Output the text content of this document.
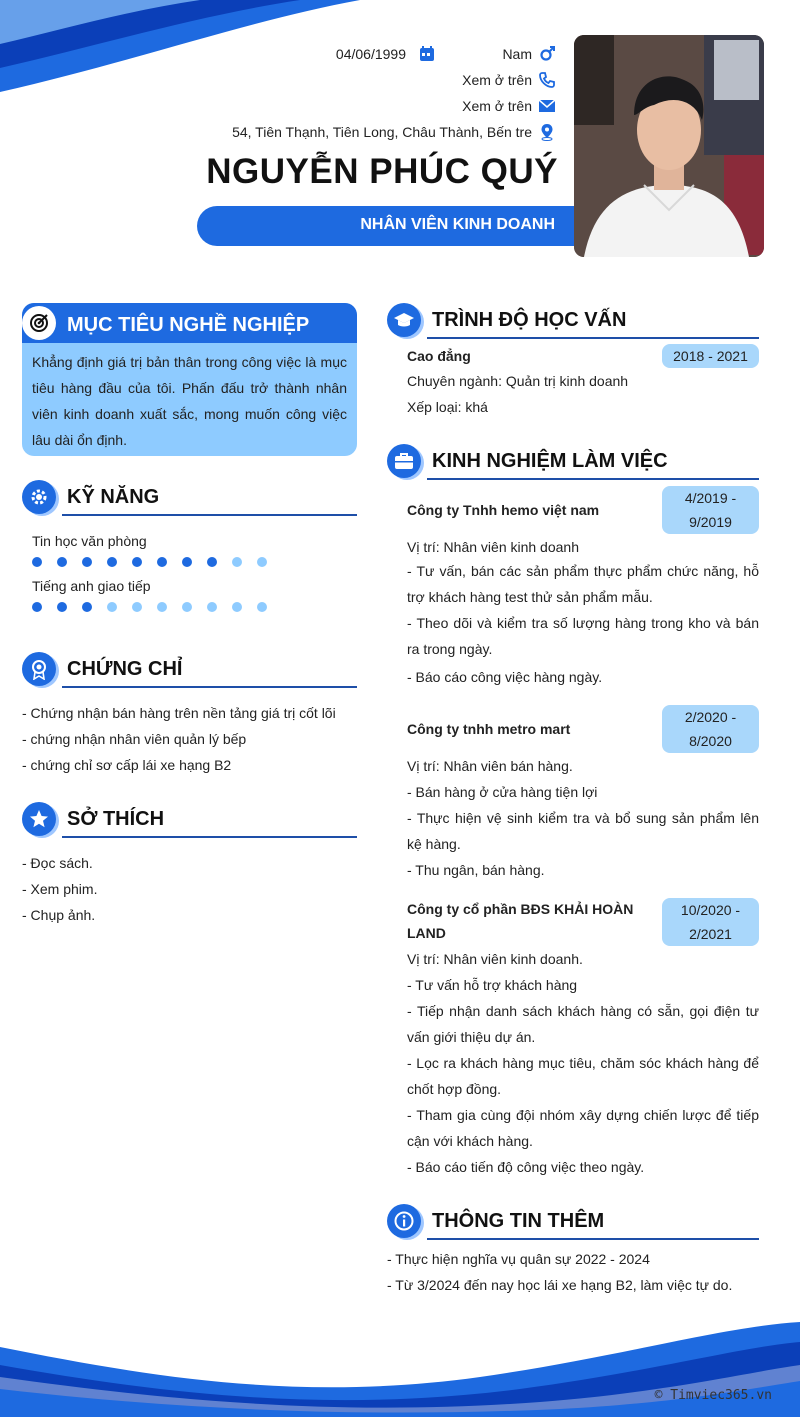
04/06/1999	Nam
Xem ở trên
Xem ở trên
54, Tiên Thạnh, Tiên Long, Châu Thành, Bến tre
NGUYỄN PHÚC QUÝ
NHÂN VIÊN KINH DOANH
MỤC TIÊU NGHỀ NGHIỆP

Khẳng định giá trị bản thân trong công việc là mục tiêu hàng đầu của tôi. Phấn đấu trở thành nhân viên kinh doanh xuất sắc, mong muốn công việc lâu dài ổn định.

KỸ NĂNG
Tin học văn phòng
Tiếng anh giao tiếp
CHỨNG CHỈ
- Chứng nhận bán hàng trên nền tảng giá trị cốt lõi
- chứng nhận nhân viên quản lý bếp
- chứng chỉ sơ cấp lái xe hạng B2
SỞ THÍCH
- Đọc sách.
- Xem phim.
- Chụp ảnh.
TRÌNH ĐỘ HỌC VẤN
Cao đẳng	2018 - 2021
Chuyên ngành: Quản trị kinh doanh
Xếp loại: khá
KINH NGHIỆM LÀM VIỆC
Công ty Tnhh hemo việt nam
4/2019 -
9/2019
Vị trí: Nhân viên kinh doanh

- Tư vấn, bán các sản phẩm thực phẩm chức năng, hỗ trợ khách hàng test thử sản phẩm mẫu.

- Theo dõi và kiểm tra số lượng hàng trong kho và bán ra trong ngày.

- Báo cáo công việc hàng ngày.
Công ty tnhh metro mart
2/2020 -
8/2020
Vị trí: Nhân viên bán hàng.
- Bán hàng ở cửa hàng tiện lợi

- Thực hiện vệ sinh kiểm tra và bổ sung sản phẩm lên kệ hàng.

- Thu ngân, bán hàng.
Công ty cổ phần BĐS KHẢI HOÀN
LAND
10/2020 -
2/2021
Vị trí: Nhân viên kinh doanh.
- Tư vấn hỗ trợ khách hàng

- Tiếp nhận danh sách khách hàng có sẵn, gọi điện tư vấn giới thiệu dự án.

- Lọc ra khách hàng mục tiêu, chăm sóc khách hàng để chốt hợp đồng.

- Tham gia cùng đội nhóm xây dựng chiến lược để tiếp cận với khách hàng.

- Báo cáo tiến độ công việc theo ngày.
THÔNG TIN THÊM
- Thực hiện nghĩa vụ quân sự 2022 - 2024
- Từ 3/2024 đến nay học lái xe hạng B2, làm việc tự do.
© Timviec365.vn
